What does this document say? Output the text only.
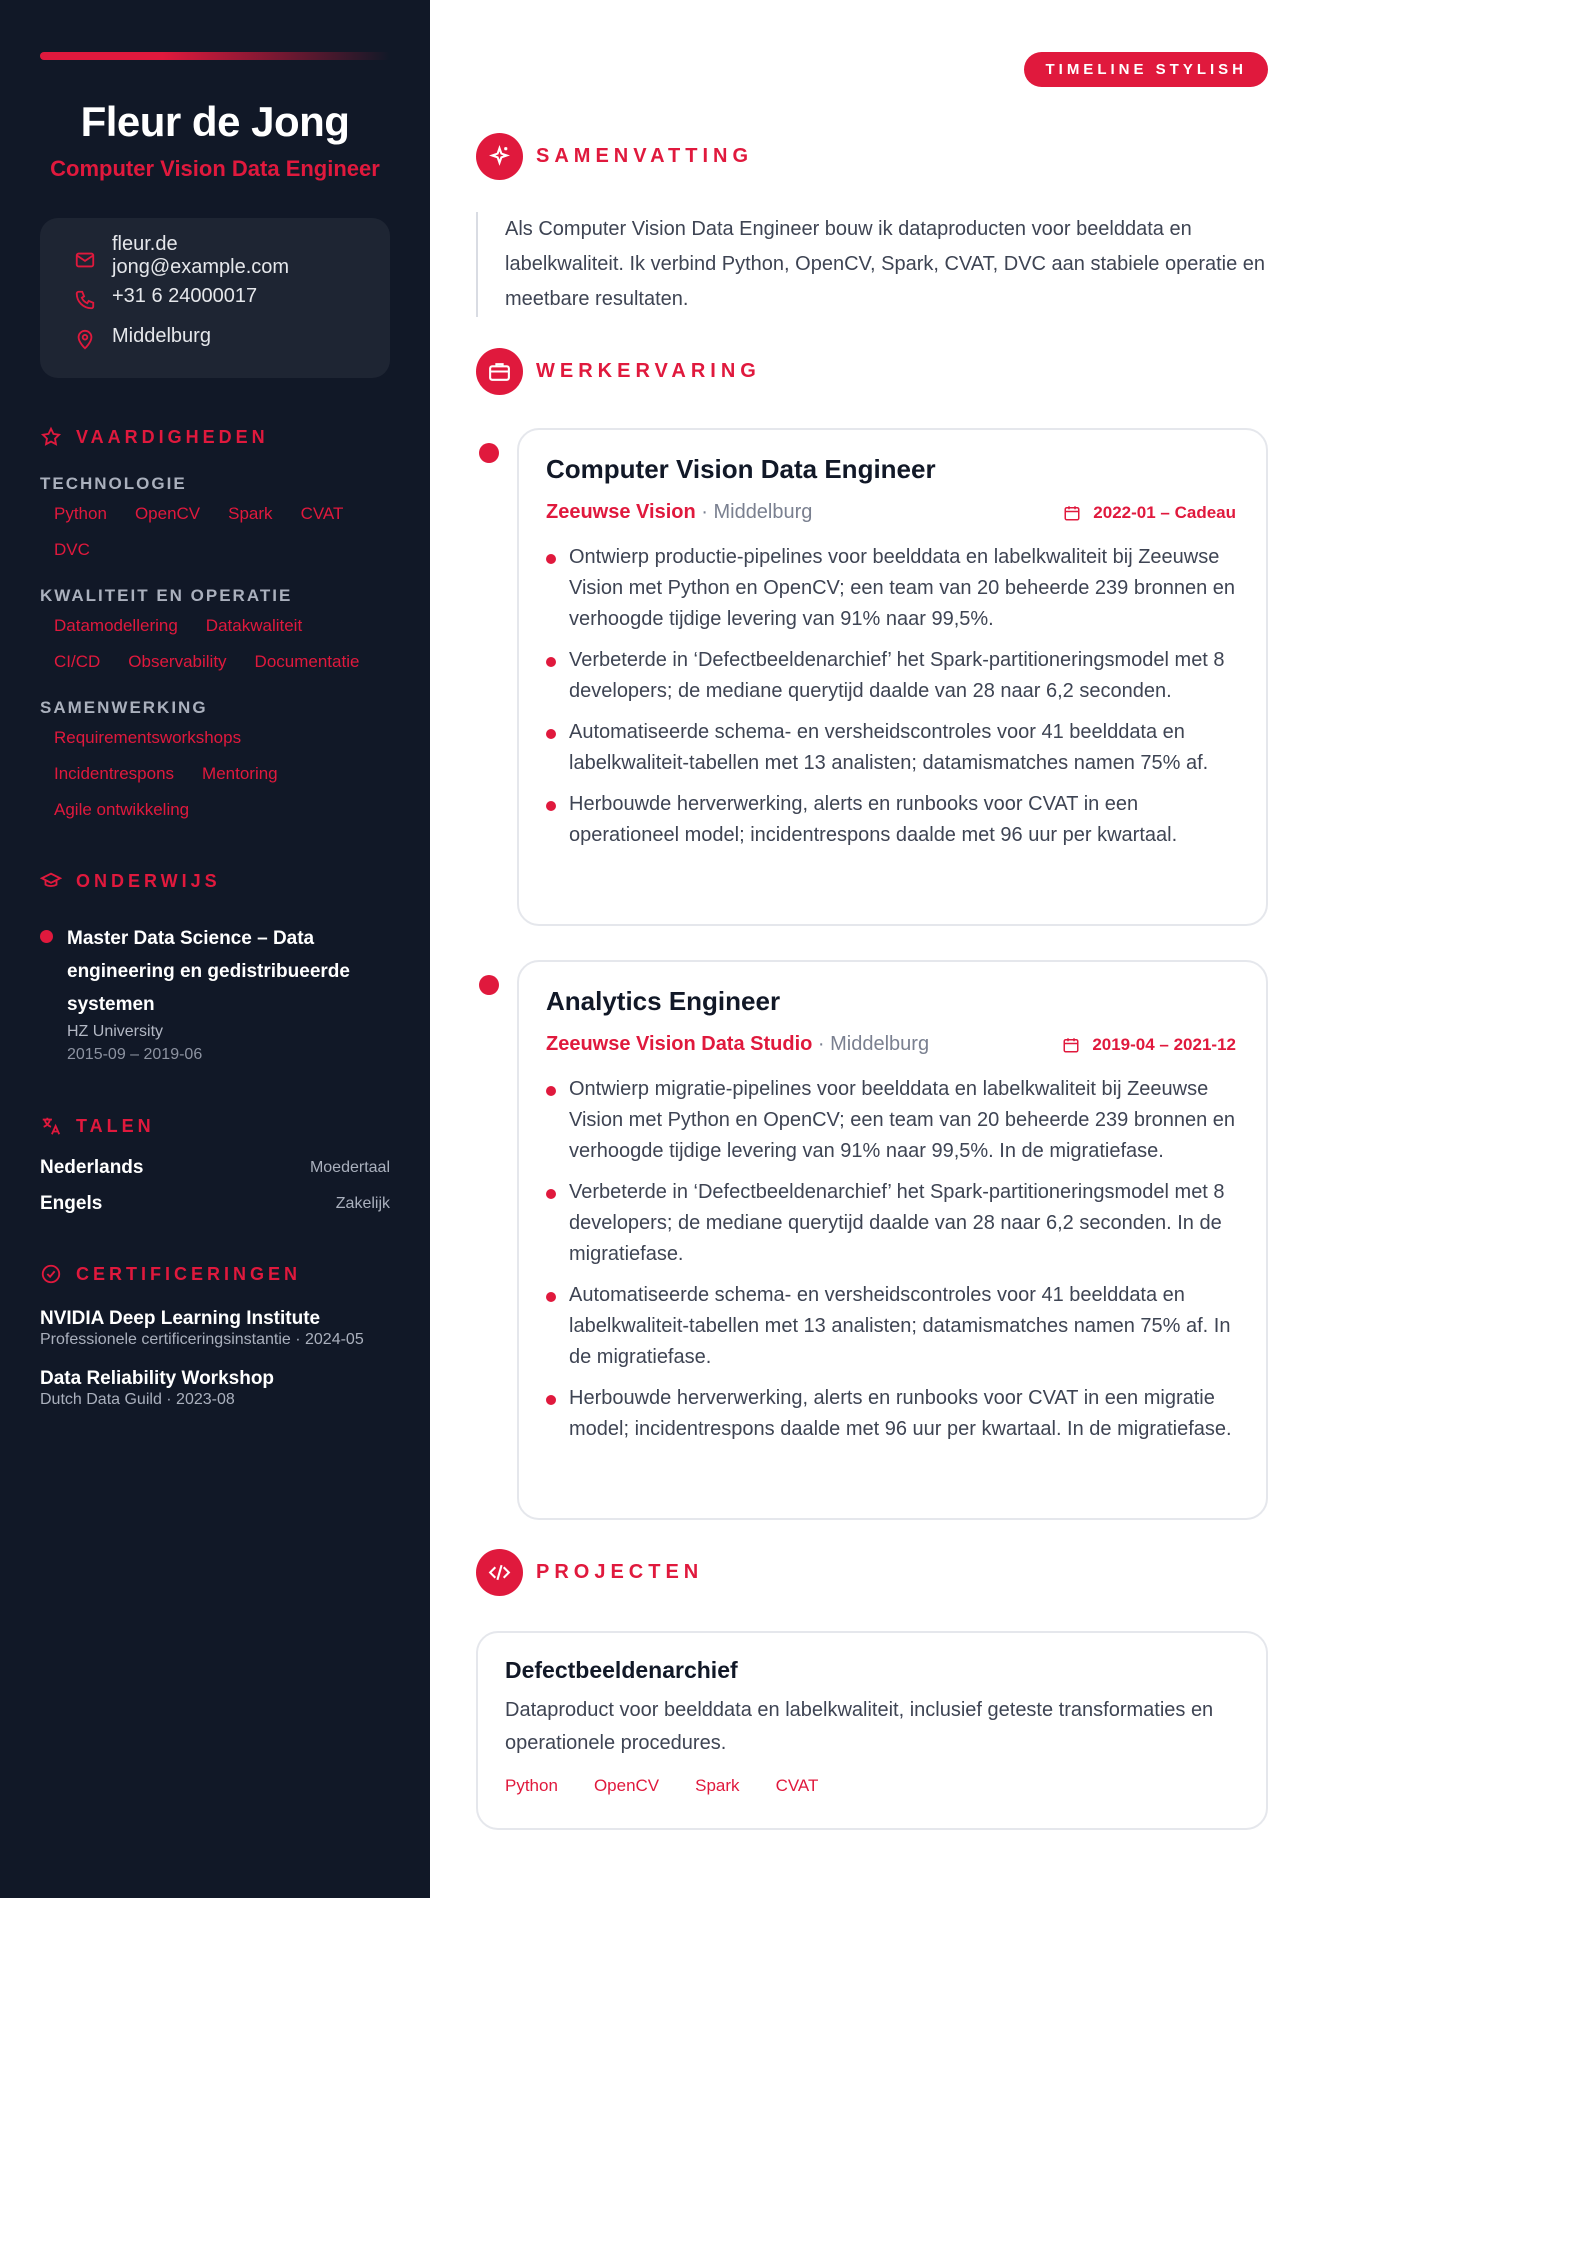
Fleur de Jong
Computer Vision Data Engineer
fleur.de jong@example.com
+31 6 24000017
Middelburg
VAARDIGHEDEN
TECHNOLOGIE
Python	OpenCV	Spark	CVAT
DVC
KWALITEIT EN OPERATIE
Datamodellering	Datakwaliteit
CI/CD	Observability	Documentatie
SAMENWERKING
Requirementsworkshops
Incidentrespons	Mentoring
Agile ontwikkeling
ONDERWIJS
Master Data Science – Data engineering en gedistribueerde systemen
HZ University
2015-09 – 2019-06
TALEN
Nederlands	Moedertaal
Engels	Zakelijk
CERTIFICERINGEN
NVIDIA Deep Learning Institute
Professionele certificeringsinstantie · 2024-05
Data Reliability Workshop
Dutch Data Guild · 2023-08
TIMELINE STYLISH
SAMENVATTING
Als Computer Vision Data Engineer bouw ik dataproducten voor beelddata en labelkwaliteit. Ik verbind Python, OpenCV, Spark, CVAT, DVC aan stabiele operatie en meetbare resultaten.
WERKERVARING
Computer Vision Data Engineer
Zeeuwse Vision · Middelburg	2022-01 – Cadeau
Ontwierp productie-pipelines voor beelddata en labelkwaliteit bij Zeeuwse Vision met Python en OpenCV; een team van 20 beheerde 239 bronnen en verhoogde tijdige levering van 91% naar 99,5%.
Verbeterde in ‘Defectbeeldenarchief’ het Spark-partitioneringsmodel met 8 developers; de mediane querytijd daalde van 28 naar 6,2 seconden.
Automatiseerde schema- en versheidscontroles voor 41 beelddata en labelkwaliteit-tabellen met 13 analisten; datamismatches namen 75% af.
Herbouwde herverwerking, alerts en runbooks voor CVAT in een operationeel model; incidentrespons daalde met 96 uur per kwartaal.
Analytics Engineer
Zeeuwse Vision Data Studio · Middelburg	2019-04 – 2021-12
Ontwierp migratie-pipelines voor beelddata en labelkwaliteit bij Zeeuwse Vision met Python en OpenCV; een team van 20 beheerde 239 bronnen en verhoogde tijdige levering van 91% naar 99,5%. In de migratiefase.
Verbeterde in ‘Defectbeeldenarchief’ het Spark-partitioneringsmodel met 8 developers; de mediane querytijd daalde van 28 naar 6,2 seconden. In de migratiefase.
Automatiseerde schema- en versheidscontroles voor 41 beelddata en labelkwaliteit-tabellen met 13 analisten; datamismatches namen 75% af. In de migratiefase.
Herbouwde herverwerking, alerts en runbooks voor CVAT in een migratie model; incidentrespons daalde met 96 uur per kwartaal. In de migratiefase.
PROJECTEN
Defectbeeldenarchief
Dataproduct voor beelddata en labelkwaliteit, inclusief geteste transformaties en operationele procedures.
Python	OpenCV	Spark	CVAT
